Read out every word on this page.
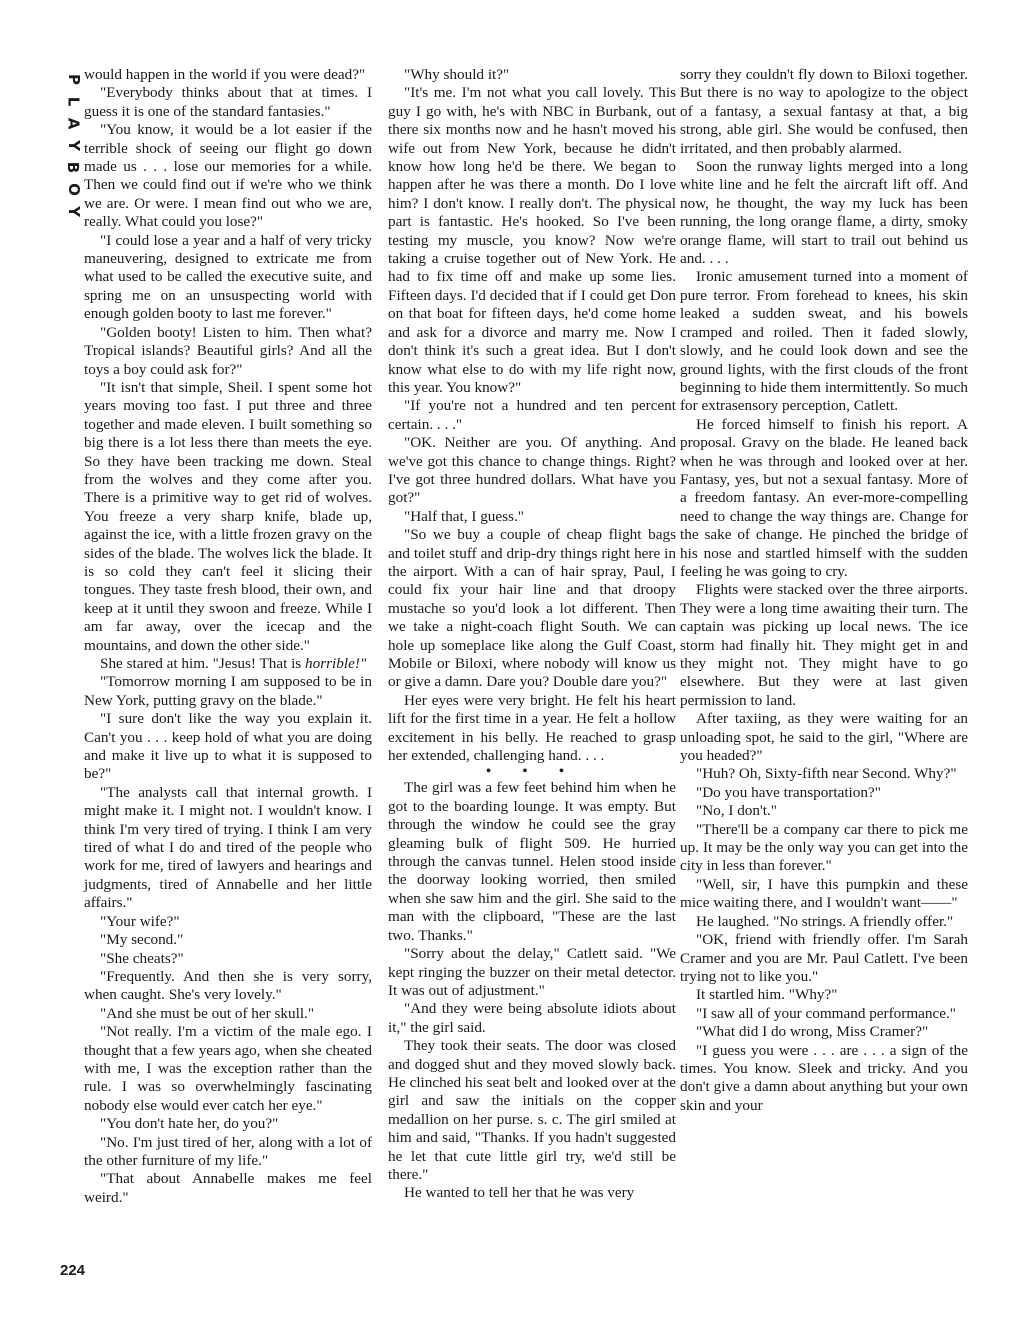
P
L
A
Y
B
O
Y
224

would happen in the world if you were dead?"

"Everybody thinks about that at times. I guess it is one of the standard fantasies."

"You know, it would be a lot easier if the terrible shock of seeing our flight go down made us . . . lose our memories for a while. Then we could find out if we're who we think we are. Or were. I mean find out who we are, really. What could you lose?"

"I could lose a year and a half of very tricky maneuvering, designed to extricate me from what used to be called the executive suite, and spring me on an unsuspecting world with enough golden booty to last me forever."

"Golden booty! Listen to him. Then what? Tropical islands? Beautiful girls? And all the toys a boy could ask for?"

"It isn't that simple, Sheil. I spent some hot years moving too fast. I put three and three together and made eleven. I built something so big there is a lot less there than meets the eye. So they have been tracking me down. Steal from the wolves and they come after you. There is a primitive way to get rid of wolves. You freeze a very sharp knife, blade up, against the ice, with a little frozen gravy on the sides of the blade. The wolves lick the blade. It is so cold they can't feel it slicing their tongues. They taste fresh blood, their own, and keep at it until they swoon and freeze. While I am far away, over the icecap and the mountains, and down the other side."

She stared at him. "Jesus! That is horrible!"

"Tomorrow morning I am supposed to be in New York, putting gravy on the blade."

"I sure don't like the way you explain it. Can't you . . . keep hold of what you are doing and make it live up to what it is supposed to be?"

"The analysts call that internal growth. I might make it. I might not. I wouldn't know. I think I'm very tired of trying. I think I am very tired of what I do and tired of the people who work for me, tired of lawyers and hearings and judgments, tired of Annabelle and her little affairs."

"Your wife?"

"My second."

"She cheats?"

"Frequently. And then she is very sorry, when caught. She's very lovely."

"And she must be out of her skull."

"Not really. I'm a victim of the male ego. I thought that a few years ago, when she cheated with me, I was the exception rather than the rule. I was so overwhelmingly fascinating nobody else would ever catch her eye."

"You don't hate her, do you?"

"No. I'm just tired of her, along with a lot of the other furniture of my life."

"That about Annabelle makes me feel weird."

"Why should it?"

"It's me. I'm not what you call lovely. This guy I go with, he's with NBC in Burbank, out there six months now and he hasn't moved his wife out from New York, because he didn't know how long he'd be there. We began to happen after he was there a month. Do I love him? I don't know. I really don't. The physical part is fantastic. He's hooked. So I've been testing my muscle, you know? Now we're taking a cruise together out of New York. He had to fix time off and make up some lies. Fifteen days. I'd decided that if I could get Don on that boat for fifteen days, he'd come home and ask for a divorce and marry me. Now I don't think it's such a great idea. But I don't know what else to do with my life right now, this year. You know?"

"If you're not a hundred and ten percent certain. . . ."

"OK. Neither are you. Of anything. And we've got this chance to change things. Right? I've got three hundred dollars. What have you got?"

"Half that, I guess."

"So we buy a couple of cheap flight bags and toilet stuff and drip-dry things right here in the airport. With a can of hair spray, Paul, I could fix your hair line and that droopy mustache so you'd look a lot different. Then we take a night-coach flight South. We can hole up someplace like along the Gulf Coast, Mobile or Biloxi, where nobody will know us or give a damn. Dare you? Double dare you?"

Her eyes were very bright. He felt his heart lift for the first time in a year. He felt a hollow excitement in his belly. He reached to grasp her extended, challenging hand. . . .

• • •

The girl was a few feet behind him when he got to the boarding lounge. It was empty. But through the window he could see the gray gleaming bulk of flight 509. He hurried through the canvas tunnel. Helen stood inside the doorway looking worried, then smiled when she saw him and the girl. She said to the man with the clipboard, "These are the last two. Thanks."

"Sorry about the delay," Catlett said. "We kept ringing the buzzer on their metal detector. It was out of adjustment."

"And they were being absolute idiots about it," the girl said.

They took their seats. The door was closed and dogged shut and they moved slowly back. He clinched his seat belt and looked over at the girl and saw the initials on the copper medallion on her purse. s. c. The girl smiled at him and said, "Thanks. If you hadn't suggested he let that cute little girl try, we'd still be there."

He wanted to tell her that he was very

sorry they couldn't fly down to Biloxi together. But there is no way to apologize to the object of a fantasy, a sexual fantasy at that, a big strong, able girl. She would be confused, then irritated, and then probably alarmed.

Soon the runway lights merged into a long white line and he felt the aircraft lift off. And now, he thought, the way my luck has been running, the long orange flame, a dirty, smoky orange flame, will start to trail out behind us and. . . .

Ironic amusement turned into a moment of pure terror. From forehead to knees, his skin leaked a sudden sweat, and his bowels cramped and roiled. Then it faded slowly, slowly, and he could look down and see the ground lights, with the first clouds of the front beginning to hide them intermittently. So much for extrasensory perception, Catlett.

He forced himself to finish his report. A proposal. Gravy on the blade. He leaned back when he was through and looked over at her. Fantasy, yes, but not a sexual fantasy. More of a freedom fantasy. An ever-more-compelling need to change the way things are. Change for the sake of change. He pinched the bridge of his nose and startled himself with the sudden feeling he was going to cry.

Flights were stacked over the three airports. They were a long time awaiting their turn. The captain was picking up local news. The ice storm had finally hit. They might get in and they might not. They might have to go elsewhere. But they were at last given permission to land.

After taxiing, as they were waiting for an unloading spot, he said to the girl, "Where are you headed?"

"Huh? Oh, Sixty-fifth near Second. Why?"

"Do you have transportation?"

"No, I don't."

"There'll be a company car there to pick me up. It may be the only way you can get into the city in less than forever."

"Well, sir, I have this pumpkin and these mice waiting there, and I wouldn't want——"

He laughed. "No strings. A friendly offer."

"OK, friend with friendly offer. I'm Sarah Cramer and you are Mr. Paul Catlett. I've been trying not to like you."

It startled him. "Why?"

"I saw all of your command performance."

"What did I do wrong, Miss Cramer?"

"I guess you were . . . are . . . a sign of the times. You know. Sleek and tricky. And you don't give a damn about anything but your own skin and your
